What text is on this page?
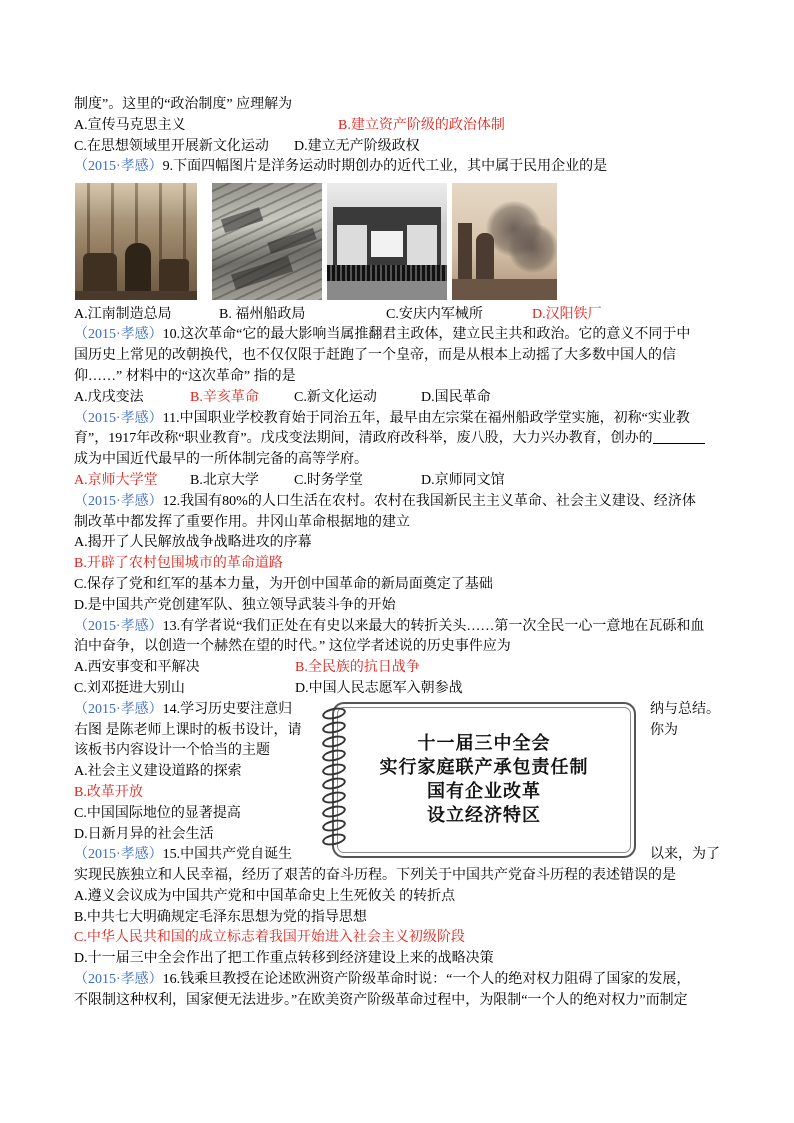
制度”。这里的“政治制度” 应理解为
A.宣传马克思主义	B.建立资产阶级的政治体制
C.在思想领域里开展新文化运动 D.建立无产阶级政权
（2015·孝感）9.下面四幅图片是洋务运动时期创办的近代工业，其中属于民用企业的是
A.江南制造总局	B. 福州船政局	C.安庆内军械所	D.汉阳铁厂
（2015·孝感）10.这次革命“它的最大影响当属推翻君主政体，建立民主共和政治。它的意义不同于中
国历史上常见的改朝换代，也不仅仅限于赶跑了一个皇帝，而是从根本上动摇了大多数中国人的信
仰……” 材料中的“这次革命” 指的是
A.戊戌变法	B.辛亥革命	C.新文化运动	D.国民革命
（2015·孝感）11.中国职业学校教育始于同治五年，最早由左宗棠在福州船政学堂实施，初称“实业教
育”，1917年改称“职业教育”。戊戌变法期间，清政府改科举，废八股，大力兴办教育，创办的
成为中国近代最早的一所体制完备的高等学府。
A.京师大学堂 B.北京大学	C.时务学堂	D.京师同文馆
（2015·孝感）12.我国有80%的人口生活在农村。农村在我国新民主主义革命、社会主义建设、经济体
制改革中都发挥了重要作用。井冈山革命根据地的建立
A.揭开了人民解放战争战略进攻的序幕
B.开辟了农村包围城市的革命道路
C.保存了党和红军的基本力量，为开创中国革命的新局面奠定了基础
D.是中国共产党创建军队、独立领导武装斗争的开始
（2015·孝感）13.有学者说“我们正处在有史以来最大的转折关头……第一次全民一心一意地在瓦砾和血
泊中奋争，以创造一个赫然在望的时代。” 这位学者述说的历史事件应为
A.西安事变和平解决	B.全民族的抗日战争
C.刘邓挺进大别山	D.中国人民志愿军入朝参战
（2015·孝感）14.学习历史要注意归	纳与总结。
右图 是陈老师上课时的板书设计，请	你为
该板书内容设计一个恰当的主题
A.社会主义建设道路的探索
B.改革开放
C.中国国际地位的显著提高
D.日新月异的社会生活
（2015·孝感）15.中国共产党自诞生	以来，为了
实现民族独立和人民幸福，经历了艰苦的奋斗历程。下列关于中国共产党奋斗历程的表述错误的是
A.遵义会议成为中国共产党和中国革命史上生死攸关 的转折点
B.中共七大明确规定毛泽东思想为党的指导思想
C.中华人民共和国的成立标志着我国开始进入社会主义初级阶段
D.十一届三中全会作出了把工作重点转移到经济建设上来的战略决策
（2015·孝感）16.钱乘旦教授在论述欧洲资产阶级革命时说：“一个人的绝对权力阻碍了国家的发展，
不限制这种权利，国家便无法进步。”在欧美资产阶级革命过程中，为限制“一个人的绝对权力”而制定
十一届三中全会
实行家庭联产承包责任制
国有企业改革
设立经济特区
